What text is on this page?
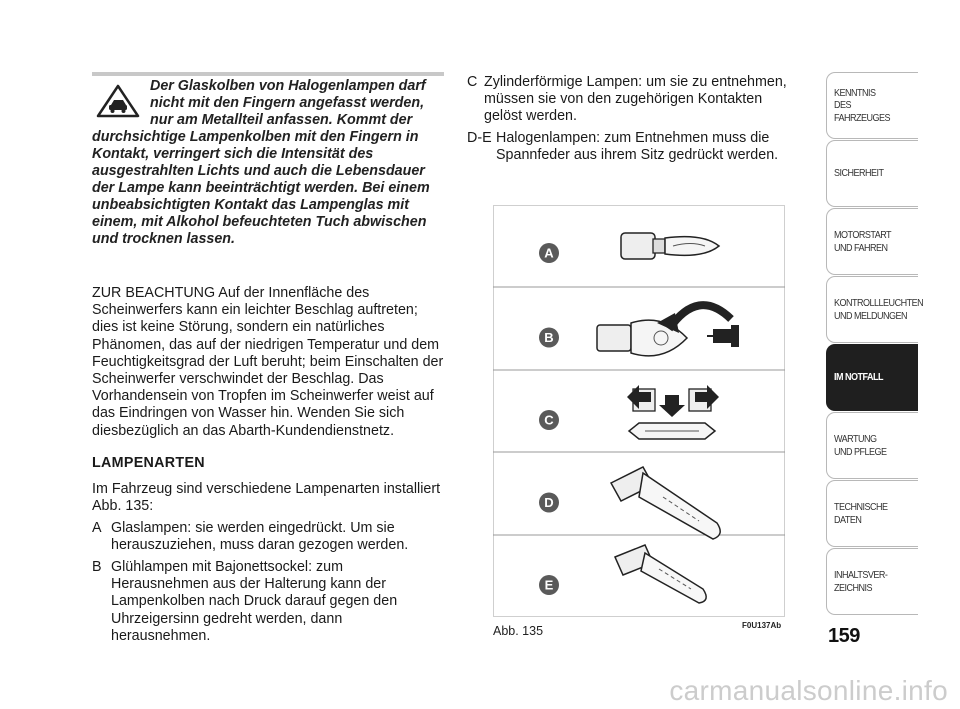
Der Glaskolben von Halogenlampen darf nicht mit den Fingern angefasst werden, nur am Metallteil anfassen. Kommt der durchsichtige Lampenkolben mit den Fingern in Kontakt, verringert sich die Intensität des ausgestrahlten Lichts und auch die Lebensdauer der Lampe kann beeinträchtigt werden. Bei einem unbeabsichtigten Kontakt das Lampenglas mit einem, mit Alkohol befeuchteten Tuch abwischen und trocknen lassen.
ZUR BEACHTUNG Auf der Innenfläche des Scheinwerfers kann ein leichter Beschlag auftreten; dies ist keine Störung, sondern ein natürliches Phänomen, das auf der niedrigen Temperatur und dem Feuchtigkeitsgrad der Luft beruht; beim Einschalten der Scheinwerfer verschwindet der Beschlag. Das Vorhandensein von Tropfen im Scheinwerfer weist auf das Eindringen von Wasser hin. Wenden Sie sich diesbezüglich an das Abarth-Kundendienstnetz.
LAMPENARTEN
Im Fahrzeug sind verschiedene Lampenarten installiert Abb. 135:
A Glaslampen: sie werden eingedrückt. Um sie herauszuziehen, muss daran gezogen werden.
B Glühlampen mit Bajonettsockel: zum Herausnehmen aus der Halterung kann der Lampenkolben nach Druck darauf gegen den Uhrzeigersinn gedreht werden, dann herausnehmen.
C Zylinderförmige Lampen: um sie zu entnehmen, müssen sie von den zugehörigen Kontakten gelöst werden.
D-E Halogenlampen: zum Entnehmen muss die Spannfeder aus ihrem Sitz gedrückt werden.
A
B
C
D
E
Abb. 135	F0U137Ab
KENNTNIS
DES FAHRZEUGES
SICHERHEIT
MOTORSTART
UND FAHREN
KONTROLLLEUCHTEN
UND MELDUNGEN
IM NOTFALL
WARTUNG
UND PFLEGE
TECHNISCHE
DATEN
INHALTSVER-
ZEICHNIS
159
carmanualsonline.info
